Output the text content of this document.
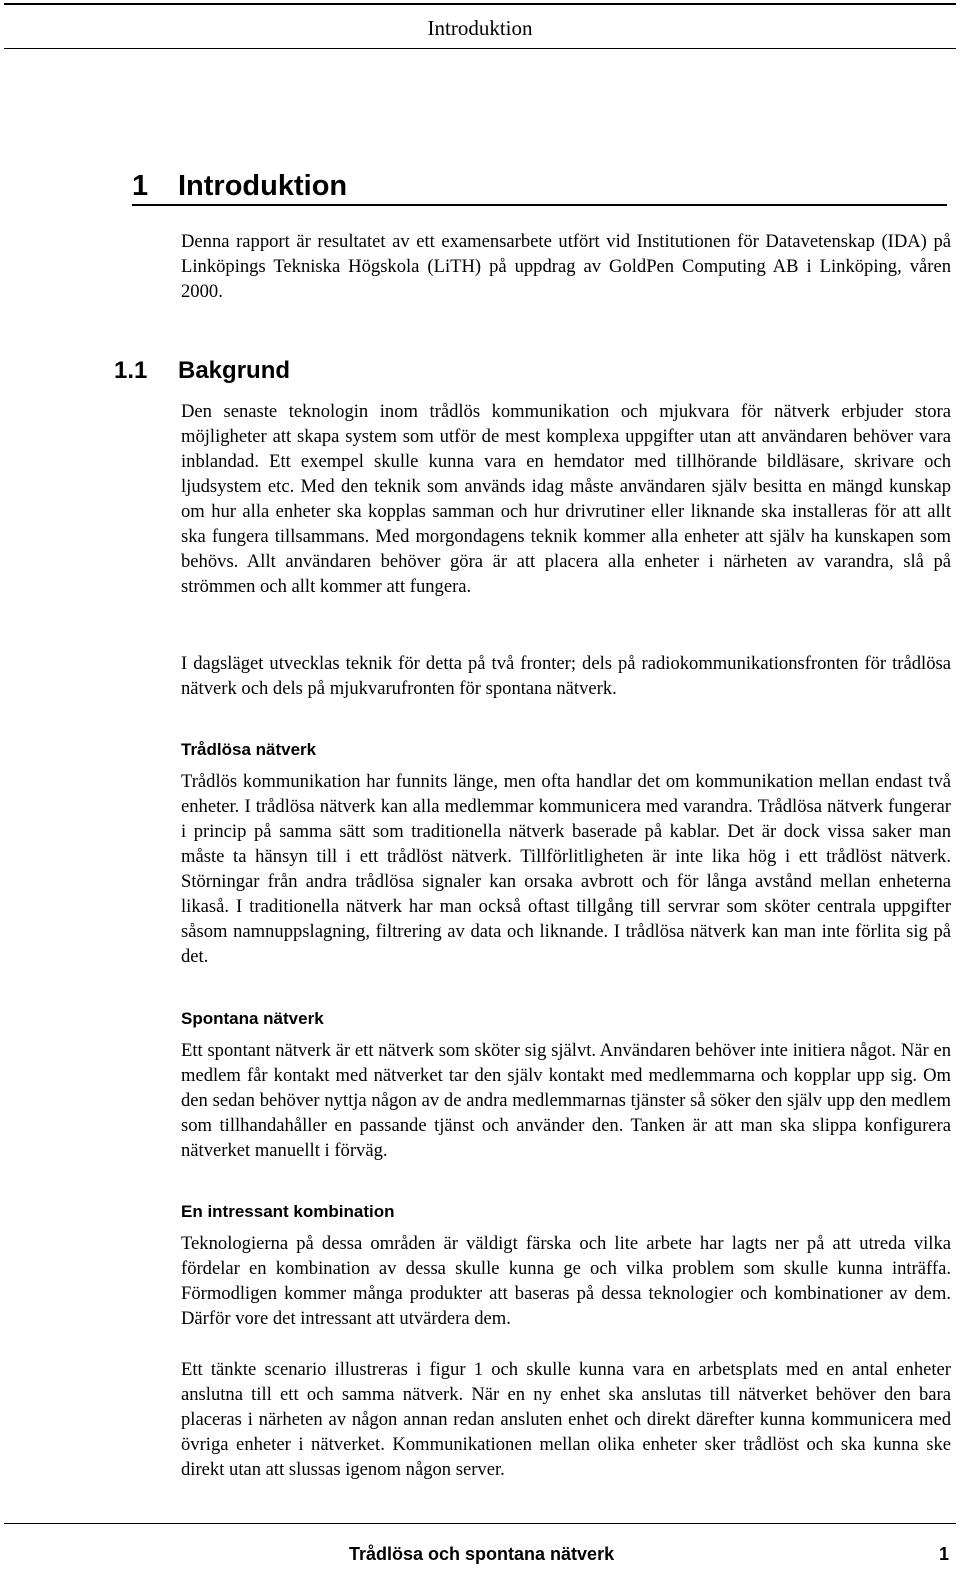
Introduktion
1 Introduktion

Denna rapport är resultatet av ett examensarbete utfört vid Institutionen för Datavetenskap (IDA) på Linköpings Tekniska Högskola (LiTH) på uppdrag av GoldPen Computing AB i Linköping, våren 2000.

1.1 Bakgrund

Den senaste teknologin inom trådlös kommunikation och mjukvara för nätverk erbjuder stora möjligheter att skapa system som utför de mest komplexa uppgifter utan att användaren behöver vara inblandad. Ett exempel skulle kunna vara en hemdator med tillhörande bildläsare, skrivare och ljudsystem etc. Med den teknik som används idag måste användaren själv besitta en mängd kunskap om hur alla enheter ska kopplas samman och hur drivrutiner eller liknande ska installeras för att allt ska fungera tillsammans. Med morgondagens teknik kommer alla enheter att själv ha kunskapen som behövs. Allt användaren behöver göra är att placera alla enheter i närheten av varandra, slå på strömmen och allt kommer att fungera.

I dagsläget utvecklas teknik för detta på två fronter; dels på radiokommunikationsfronten för trådlösa nätverk och dels på mjukvarufronten för spontana nätverk.

Trådlösa nätverk

Trådlös kommunikation har funnits länge, men ofta handlar det om kommunikation mellan endast två enheter. I trådlösa nätverk kan alla medlemmar kommunicera med varandra. Trådlösa nätverk fungerar i princip på samma sätt som traditionella nätverk baserade på kablar. Det är dock vissa saker man måste ta hänsyn till i ett trådlöst nätverk. Tillförlitligheten är inte lika hög i ett trådlöst nätverk. Störningar från andra trådlösa signaler kan orsaka avbrott och för långa avstånd mellan enheterna likaså. I traditionella nätverk har man också oftast tillgång till servrar som sköter centrala uppgifter såsom namnuppslagning, filtrering av data och liknande. I trådlösa nätverk kan man inte förlita sig på det.

Spontana nätverk

Ett spontant nätverk är ett nätverk som sköter sig självt. Användaren behöver inte initiera något. När en medlem får kontakt med nätverket tar den själv kontakt med medlemmarna och kopplar upp sig. Om den sedan behöver nyttja någon av de andra medlemmarnas tjänster så söker den själv upp den medlem som tillhandahåller en passande tjänst och använder den. Tanken är att man ska slippa konfigurera nätverket manuellt i förväg.

En intressant kombination

Teknologierna på dessa områden är väldigt färska och lite arbete har lagts ner på att utreda vilka fördelar en kombination av dessa skulle kunna ge och vilka problem som skulle kunna inträffa. Förmodligen kommer många produkter att baseras på dessa teknologier och kombinationer av dem. Därför vore det intressant att utvärdera dem.

Ett tänkte scenario illustreras i figur 1 och skulle kunna vara en arbetsplats med en antal enheter anslutna till ett och samma nätverk. När en ny enhet ska anslutas till nätverket behöver den bara placeras i närheten av någon annan redan ansluten enhet och direkt därefter kunna kommunicera med övriga enheter i nätverket. Kommunikationen mellan olika enheter sker trådlöst och ska kunna ske direkt utan att slussas igenom någon server.

Trådlösa och spontana nätverk	1
